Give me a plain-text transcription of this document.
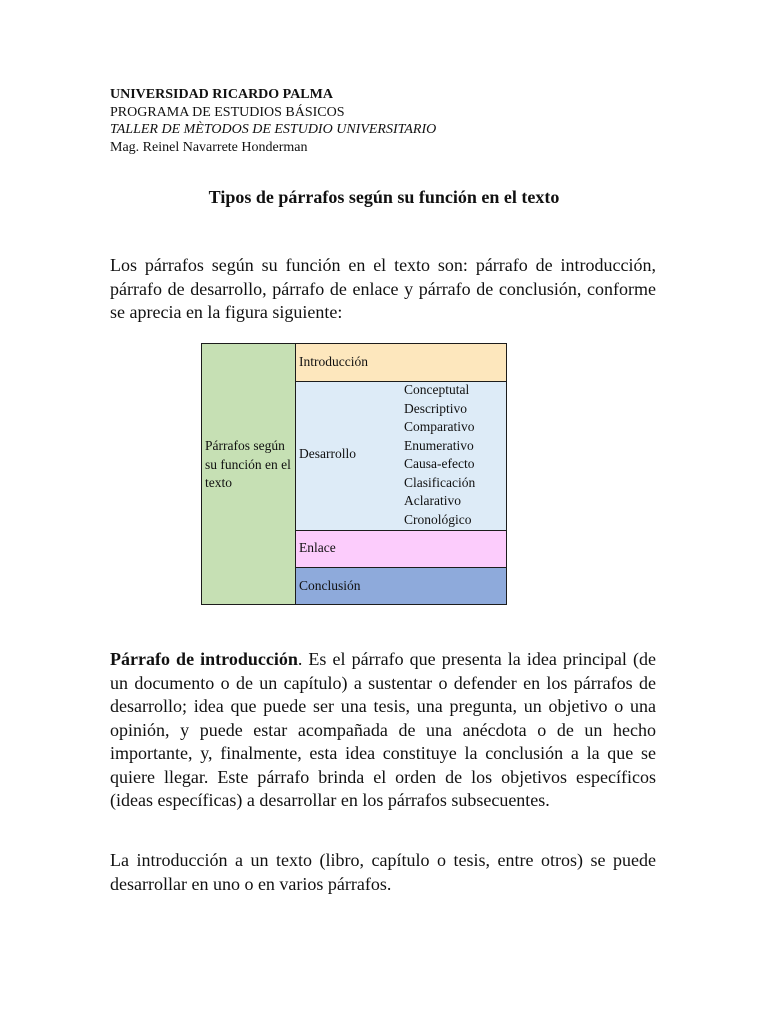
UNIVERSIDAD RICARDO PALMA
PROGRAMA DE ESTUDIOS BÁSICOS
TALLER DE MÈTODOS DE ESTUDIO UNIVERSITARIO
Mag. Reinel Navarrete Honderman
Tipos de párrafos según su función en el texto

Los párrafos según su función en el texto son: párrafo de introducción, párrafo de desarrollo, párrafo de enlace y párrafo de conclusión, conforme se aprecia en la figura siguiente:

Párrafos según su función en el texto
Introducción
Desarrollo
Conceptutal
Descriptivo
Comparativo
Enumerativo
Causa-efecto
Clasificación
Aclarativo
Cronológico
Enlace
Conclusión

Párrafo de introducción. Es el párrafo que presenta la idea principal (de un documento o de un capítulo) a sustentar o defender en los párrafos de desarrollo; idea que puede ser una tesis, una pregunta, un objetivo o una opinión, y puede estar acompañada de una anécdota o de un hecho importante, y, finalmente, esta idea constituye la conclusión a la que se quiere llegar. Este párrafo brinda el orden de los objetivos específicos (ideas específicas) a desarrollar en los párrafos subsecuentes.

La introducción a un texto (libro, capítulo o tesis, entre otros) se puede desarrollar en uno o en varios párrafos.
